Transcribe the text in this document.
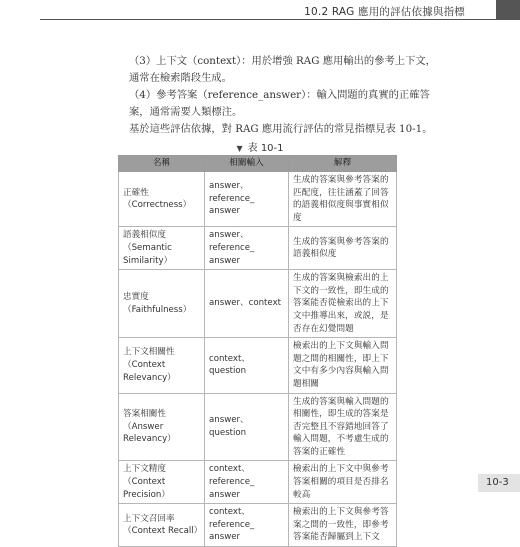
10.2 RAG 應用的評估依據與指標
（3）上下文（context）：用於增強 RAG 應用輸出的參考上下文，通常在檢索階段生成。
（4）參考答案（reference_answer）：輸入問題的真實的正確答案，通常需要人類標注。
基於這些評估依據，對 RAG 應用流行評估的常見指標見表 10-1。
▼ 表 10-1
名稱	相關輸入	解釋

正確性
（Correctness）	answer、reference_ answer	生成的答案與參考答案的匹配度，往往涵蓋了回答的語義相似度與事實相似度

語義相似度
（Semantic Similarity）	answer、reference_ answer	生成的答案與參考答案的語義相似度

忠實度
（Faithfulness）	answer、context	生成的答案與檢索出的上下文的一致性，即生成的答案能否從檢索出的上下文中推導出來，或説，是否存在幻覺問題

上下文相關性
（Context Relevancy）	context、question	檢索出的上下文與輸入問題之間的相關性，即上下文中有多少內容與輸入問題相關

答案相關性
（Answer Relevancy）	answer、question	生成的答案與輸入問題的相關性，即生成的答案是否完整且不容錯地回答了輸入問題，不考慮生成的答案的正確性

上下文精度
（Context Precision）	context、reference_ answer	檢索出的上下文中與參考答案相關的項目是否排名較高

上下文召回率
（Context Recall）	context、reference_ answer	檢索出的上下文與參考答案之間的一致性，即參考答案能否歸屬到上下文
10-3
